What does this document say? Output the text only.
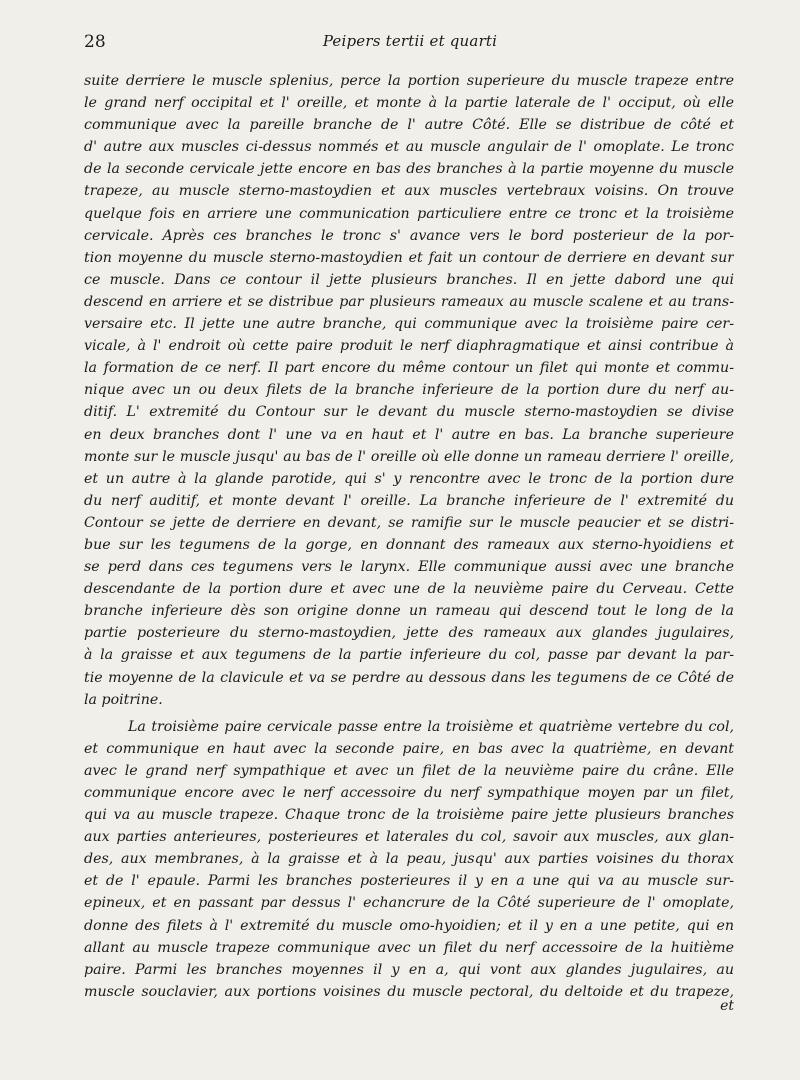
28	Peipers tertii et quarti
suite derriere le muscle splenius, perce la portion superieure du muscle trapeze entre
le grand nerf occipital et l' oreille, et monte à la partie laterale de l' occiput, où elle
communique avec la pareille branche de l' autre Côté. Elle se distribue de côté et
d' autre aux muscles ci-dessus nommés et au muscle angulair de l' omoplate. Le tronc
de la seconde cervicale jette encore en bas des branches à la partie moyenne du muscle
trapeze, au muscle sterno-mastoydien et aux muscles vertebraux voisins. On trouve
quelque fois en arriere une communication particuliere entre ce tronc et la troisième
cervicale. Après ces branches le tronc s' avance vers le bord posterieur de la por-
tion moyenne du muscle sterno-mastoydien et fait un contour de derriere en devant sur
ce muscle. Dans ce contour il jette plusieurs branches. Il en jette dabord une qui
descend en arriere et se distribue par plusieurs rameaux au muscle scalene et au trans-
versaire etc. Il jette une autre branche, qui communique avec la troisième paire cer-
vicale, à l' endroit où cette paire produit le nerf diaphragmatique et ainsi contribue à
la formation de ce nerf. Il part encore du même contour un filet qui monte et commu-
nique avec un ou deux filets de la branche inferieure de la portion dure du nerf au-
ditif. L' extremité du Contour sur le devant du muscle sterno-mastoydien se divise
en deux branches dont l' une va en haut et l' autre en bas. La branche superieure
monte sur le muscle jusqu' au bas de l' oreille où elle donne un rameau derriere l' oreille,
et un autre à la glande parotide, qui s' y rencontre avec le tronc de la portion dure
du nerf auditif, et monte devant l' oreille. La branche inferieure de l' extremité du
Contour se jette de derriere en devant, se ramifie sur le muscle peaucier et se distri-
bue sur les tegumens de la gorge, en donnant des rameaux aux sterno-hyoidiens et
se perd dans ces tegumens vers le larynx. Elle communique aussi avec une branche
descendante de la portion dure et avec une de la neuvième paire du Cerveau. Cette
branche inferieure dès son origine donne un rameau qui descend tout le long de la
partie posterieure du sterno-mastoydien, jette des rameaux aux glandes jugulaires,
à la graisse et aux tegumens de la partie inferieure du col, passe par devant la par-
tie moyenne de la clavicule et va se perdre au dessous dans les tegumens de ce Côté de
la poitrine.
La troisième paire cervicale passe entre la troisième et quatrième vertebre du col,
et communique en haut avec la seconde paire, en bas avec la quatrième, en devant
avec le grand nerf sympathique et avec un filet de la neuvième paire du crâne. Elle
communique encore avec le nerf accessoire du nerf sympathique moyen par un filet,
qui va au muscle trapeze. Chaque tronc de la troisième paire jette plusieurs branches
aux parties anterieures, posterieures et laterales du col, savoir aux muscles, aux glan-
des, aux membranes, à la graisse et à la peau, jusqu' aux parties voisines du thorax
et de l' epaule. Parmi les branches posterieures il y en a une qui va au muscle sur-
epineux, et en passant par dessus l' echancrure de la Côté superieure de l' omoplate,
donne des filets à l' extremité du muscle omo-hyoidien; et il y en a une petite, qui en
allant au muscle trapeze communique avec un filet du nerf accessoire de la huitième
paire. Parmi les branches moyennes il y en a, qui vont aux glandes jugulaires, au
muscle souclavier, aux portions voisines du muscle pectoral, du deltoide et du trapeze,
et
